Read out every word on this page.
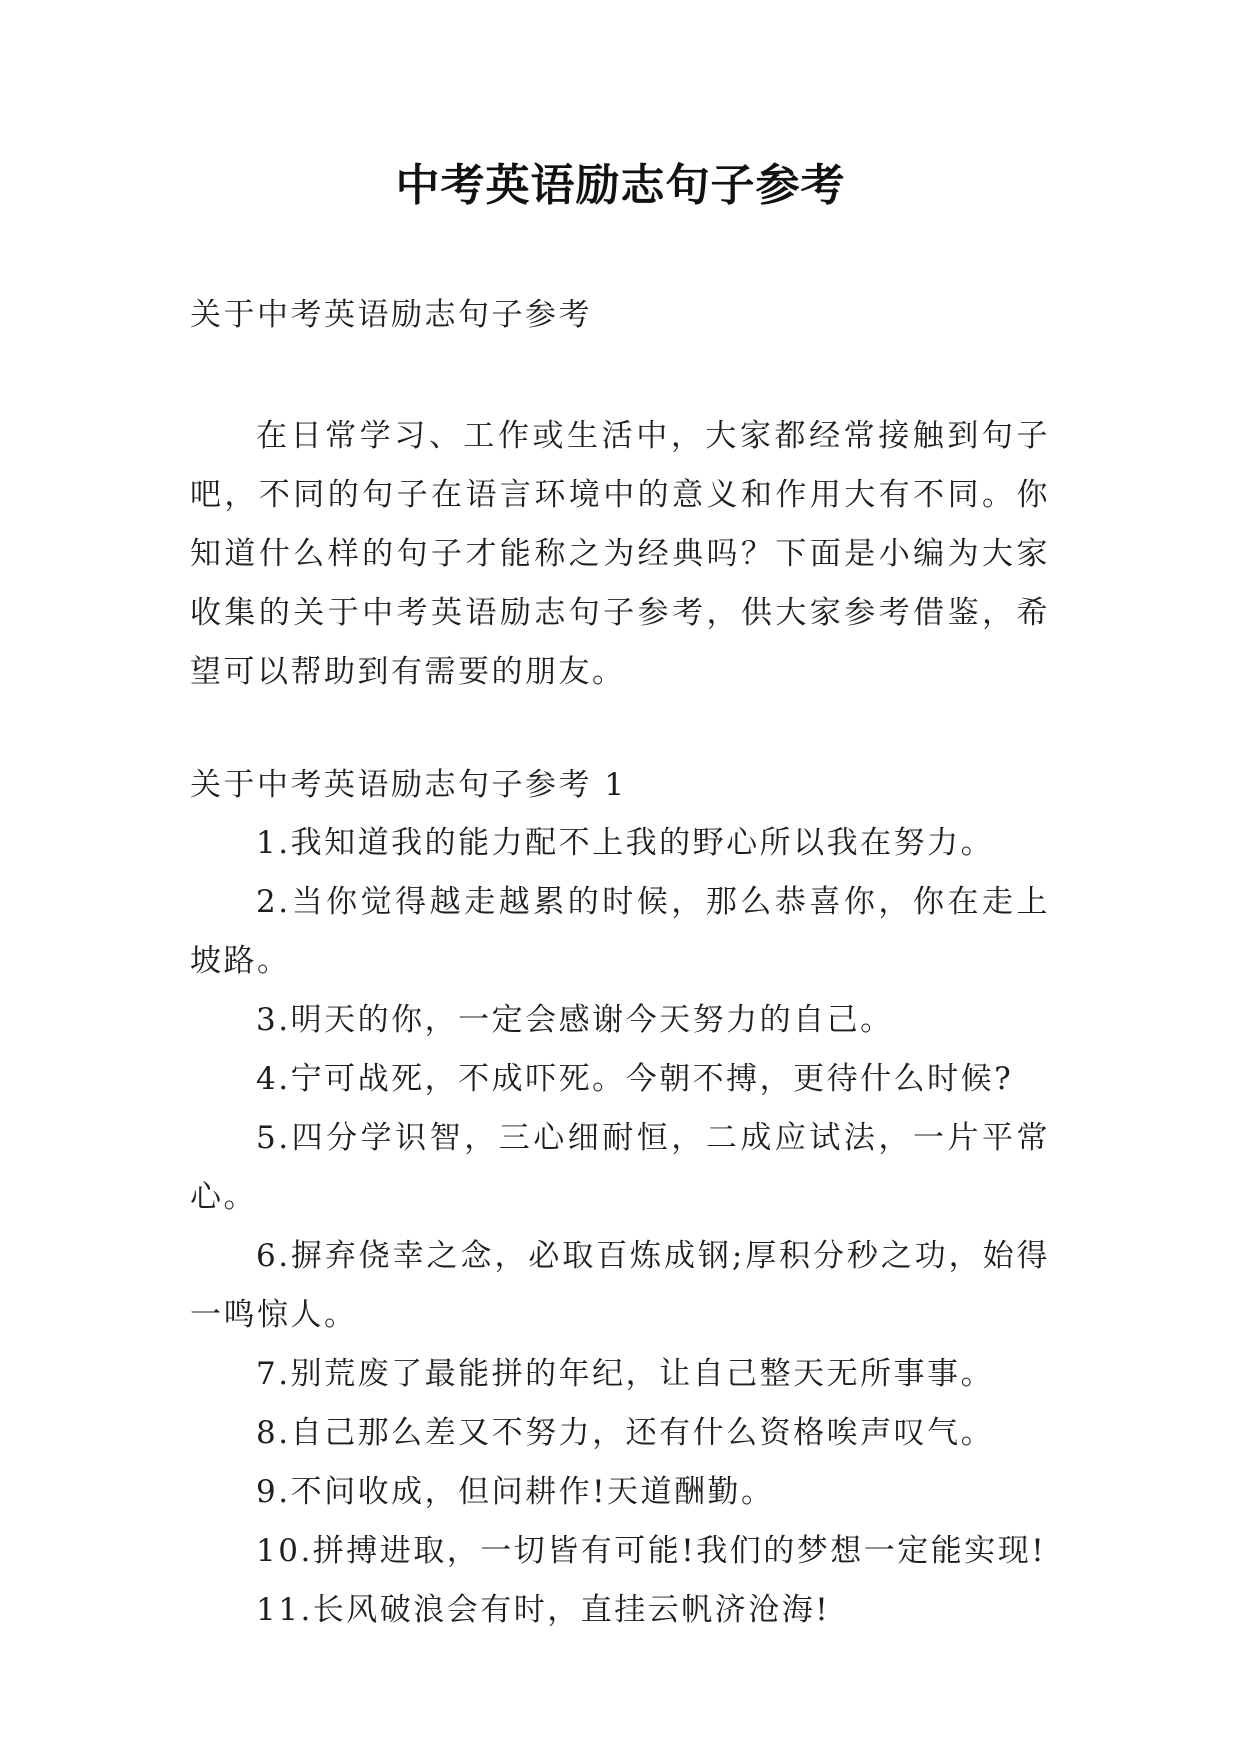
中考英语励志句子参考
关于中考英语励志句子参考
在日常学习、工作或生活中，大家都经常接触到句子吧，不同的句子在语言环境中的意义和作用大有不同。你知道什么样的句子才能称之为经典吗？下面是小编为大家收集的关于中考英语励志句子参考，供大家参考借鉴，希望可以帮助到有需要的朋友。
关于中考英语励志句子参考 1
1.我知道我的能力配不上我的野心所以我在努力。
2.当你觉得越走越累的时候，那么恭喜你，你在走上坡路。
3.明天的你，一定会感谢今天努力的自己。
4.宁可战死，不成吓死。今朝不搏，更待什么时候?
5.四分学识智，三心细耐恒，二成应试法，一片平常心。
6.摒弃侥幸之念，必取百炼成钢;厚积分秒之功，始得一鸣惊人。
7.别荒废了最能拼的年纪，让自己整天无所事事。
8.自己那么差又不努力，还有什么资格唉声叹气。
9.不问收成，但问耕作!天道酬勤。
10.拼搏进取，一切皆有可能!我们的梦想一定能实现!
11.长风破浪会有时，直挂云帆济沧海!
